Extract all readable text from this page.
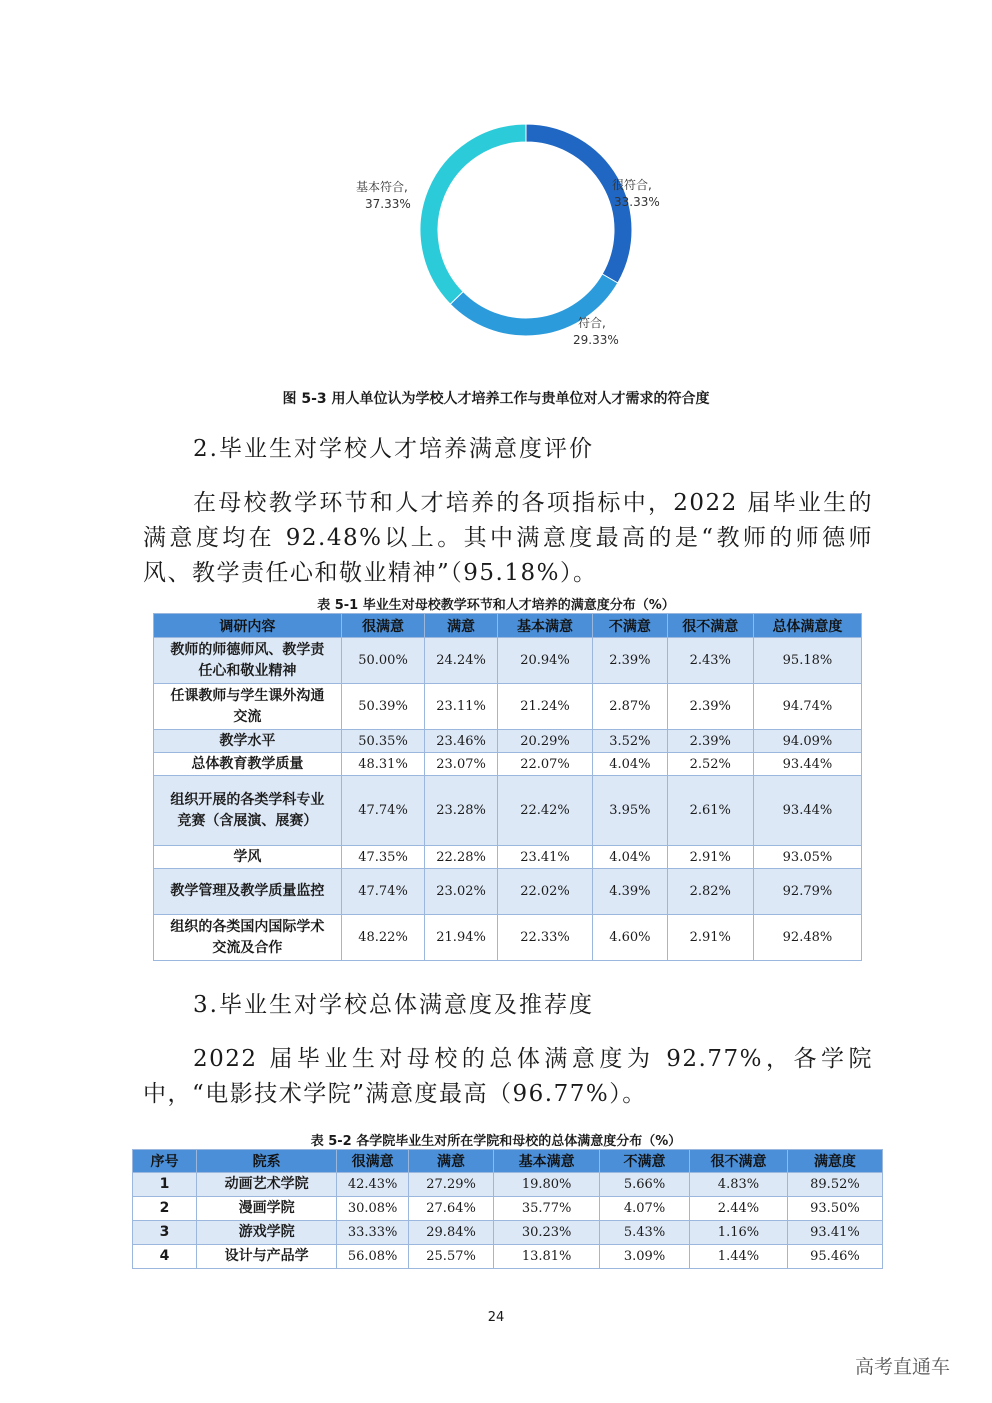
很符合,
33.33%
符合,
29.33%
基本符合,
37.33%
图 5-3 用人单位认为学校人才培养工作与贵单位对人才需求的符合度
2.毕业生对学校人才培养满意度评价
在母校教学环节和人才培养的各项指标中，2022 届毕业生的满意度均在 92.48%以上。其中满意度最高的是“教师的师德师风、教学责任心和敬业精神”（95.18%）。
表 5-1 毕业生对母校教学环节和人才培养的满意度分布（%）
调研内容	很满意	满意	基本满意	不满意	很不满意	总体满意度
教师的师德师风、教学责任心和敬业精神	50.00%	24.24%	20.94%	2.39%	2.43%	95.18%
任课教师与学生课外沟通交流	50.39%	23.11%	21.24%	2.87%	2.39%	94.74%
教学水平	50.35%	23.46%	20.29%	3.52%	2.39%	94.09%
总体教育教学质量	48.31%	23.07%	22.07%	4.04%	2.52%	93.44%
组织开展的各类学科专业竞赛（含展演、展赛）	47.74%	23.28%	22.42%	3.95%	2.61%	93.44%
学风	47.35%	22.28%	23.41%	4.04%	2.91%	93.05%
教学管理及教学质量监控	47.74%	23.02%	22.02%	4.39%	2.82%	92.79%
组织的各类国内国际学术交流及合作	48.22%	21.94%	22.33%	4.60%	2.91%	92.48%
3.毕业生对学校总体满意度及推荐度
2022 届毕业生对母校的总体满意度为 92.77%，各学院中，“电影技术学院”满意度最高（96.77%）。
表 5-2 各学院毕业生对所在学院和母校的总体满意度分布（%）
序号	院系	很满意	满意	基本满意	不满意	很不满意	满意度
1	动画艺术学院	42.43%	27.29%	19.80%	5.66%	4.83%	89.52%
2	漫画学院	30.08%	27.64%	35.77%	4.07%	2.44%	93.50%
3	游戏学院	33.33%	29.84%	30.23%	5.43%	1.16%	93.41%
4	设计与产品学	56.08%	25.57%	13.81%	3.09%	1.44%	95.46%
24
高考直通车
